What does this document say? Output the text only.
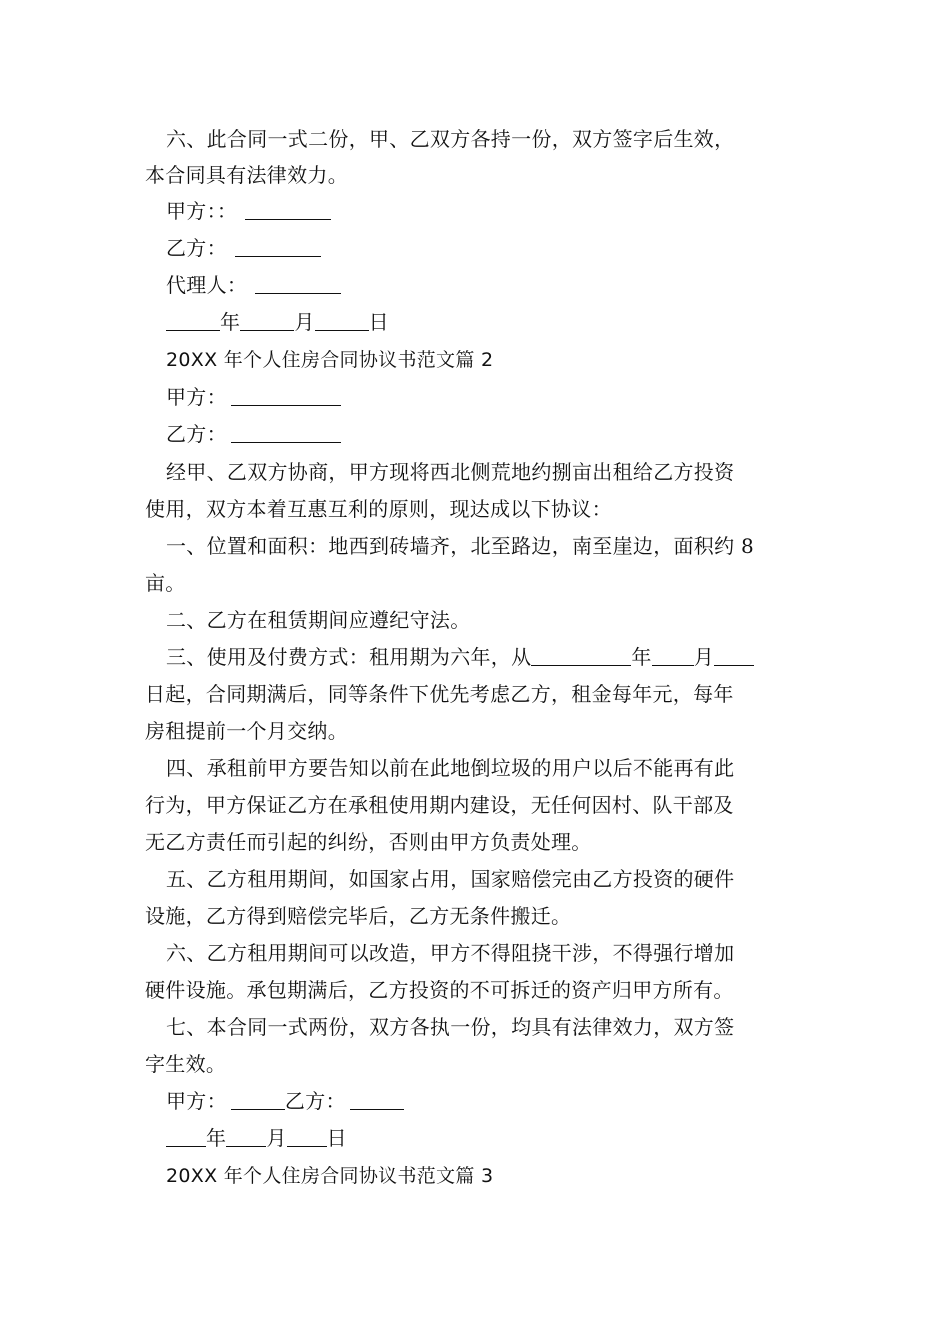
六、此合同一式二份，甲、乙双方各持一份，双方签字后生效，
本合同具有法律效力。
甲方：：
乙方：
代理人：
年	月	日
20XX 年个人住房合同协议书范文篇 2
甲方：
乙方：
经甲、乙双方协商，甲方现将西北侧荒地约捌亩出租给乙方投资
使用，双方本着互惠互利的原则，现达成以下协议：
一、位置和面积：地西到砖墙齐，北至路边，南至崖边，面积约 8
亩。
二、乙方在租赁期间应遵纪守法。
三、使用及付费方式：租用期为六年，从	年 月
日起，合同期满后，同等条件下优先考虑乙方，租金每年元，每年
房租提前一个月交纳。
四、承租前甲方要告知以前在此地倒垃圾的用户以后不能再有此
行为，甲方保证乙方在承租使用期内建设，无任何因村、队干部及
无乙方责任而引起的纠纷，否则由甲方负责处理。
五、乙方租用期间，如国家占用，国家赔偿完由乙方投资的硬件
设施，乙方得到赔偿完毕后，乙方无条件搬迁。
六、乙方租用期间可以改造，甲方不得阻挠干涉，不得强行增加
硬件设施。承包期满后，乙方投资的不可拆迁的资产归甲方所有。
七、本合同一式两份，双方各执一份，均具有法律效力，双方签
字生效。
甲方：	乙方：
年 月 日
20XX 年个人住房合同协议书范文篇 3
